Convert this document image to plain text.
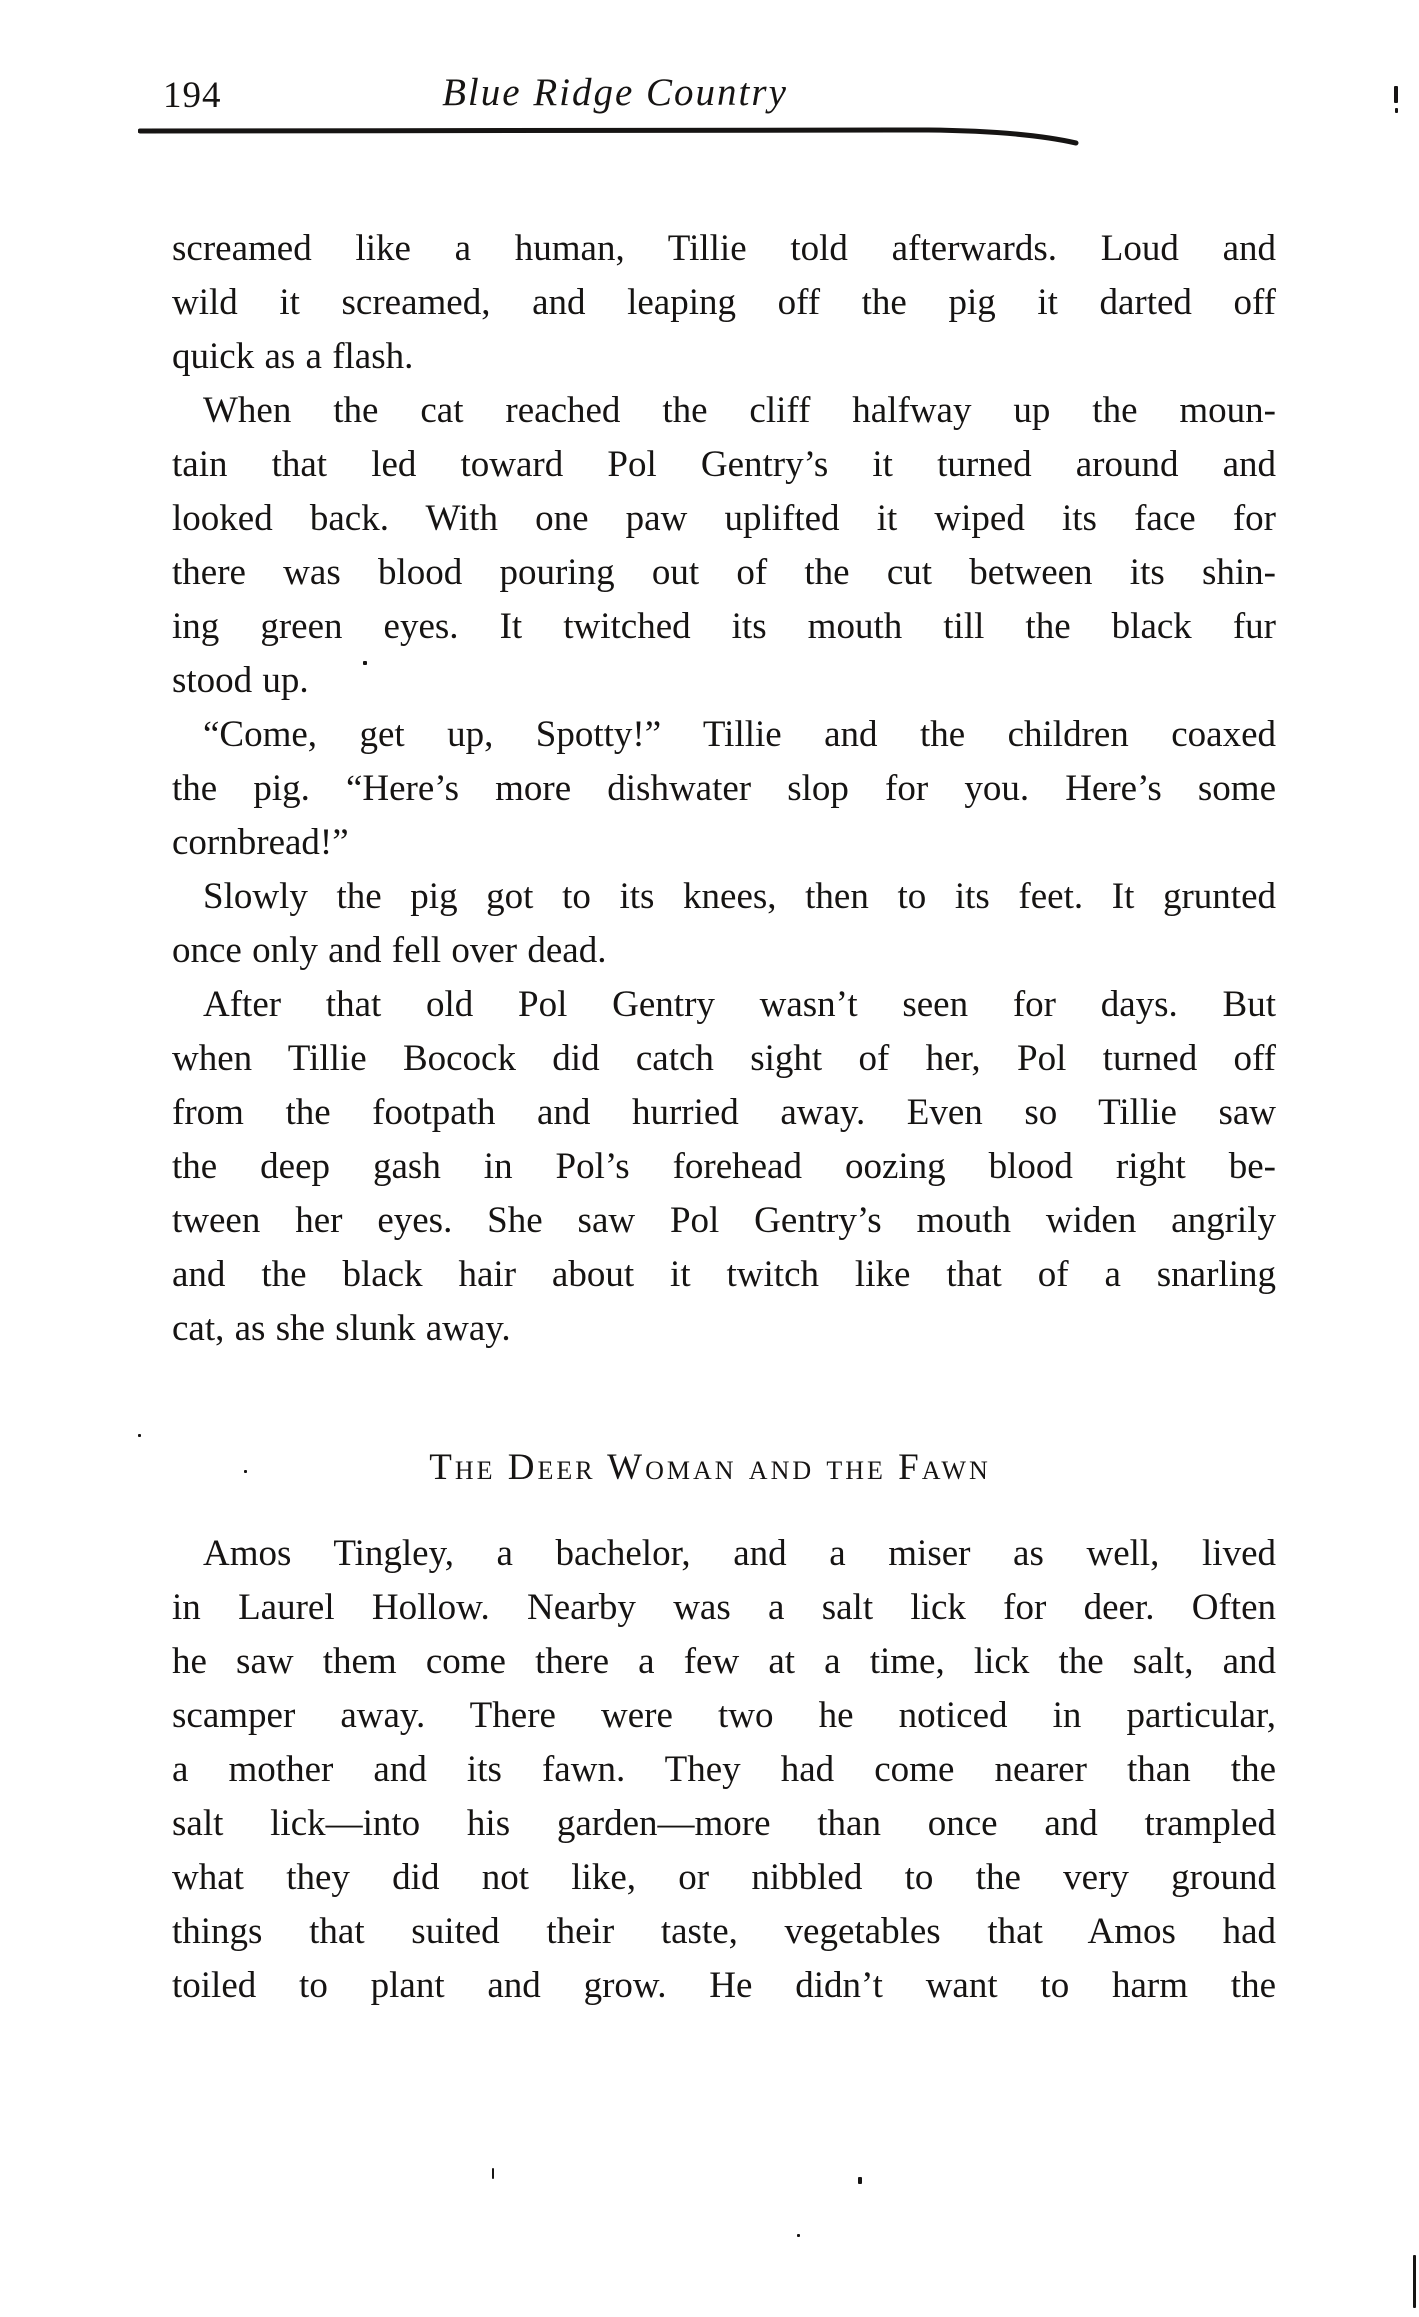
194	Blue Ridge Country
screamed like a human, Tillie told afterwards. Loud and
wild it screamed, and leaping off the pig it darted off
quick as a flash.
When the cat reached the cliff halfway up the moun-
tain that led toward Pol Gentry’s it turned around and
looked back. With one paw uplifted it wiped its face for
there was blood pouring out of the cut between its shin-
ing green eyes. It twitched its mouth till the black fur
stood up.
“Come, get up, Spotty!” Tillie and the children coaxed
the pig. “Here’s more dishwater slop for you. Here’s some
cornbread!”
Slowly the pig got to its knees, then to its feet. It grunted
once only and fell over dead.
After that old Pol Gentry wasn’t seen for days. But
when Tillie Bocock did catch sight of her, Pol turned off
from the footpath and hurried away. Even so Tillie saw
the deep gash in Pol’s forehead oozing blood right be-
tween her eyes. She saw Pol Gentry’s mouth widen angrily
and the black hair about it twitch like that of a snarling
cat, as she slunk away.
The Deer Woman and the Fawn
Amos Tingley, a bachelor, and a miser as well, lived
in Laurel Hollow. Nearby was a salt lick for deer. Often
he saw them come there a few at a time, lick the salt, and
scamper away. There were two he noticed in particular,
a mother and its fawn. They had come nearer than the
salt lick—into his garden—more than once and trampled
what they did not like, or nibbled to the very ground
things that suited their taste, vegetables that Amos had
toiled to plant and grow. He didn’t want to harm the
